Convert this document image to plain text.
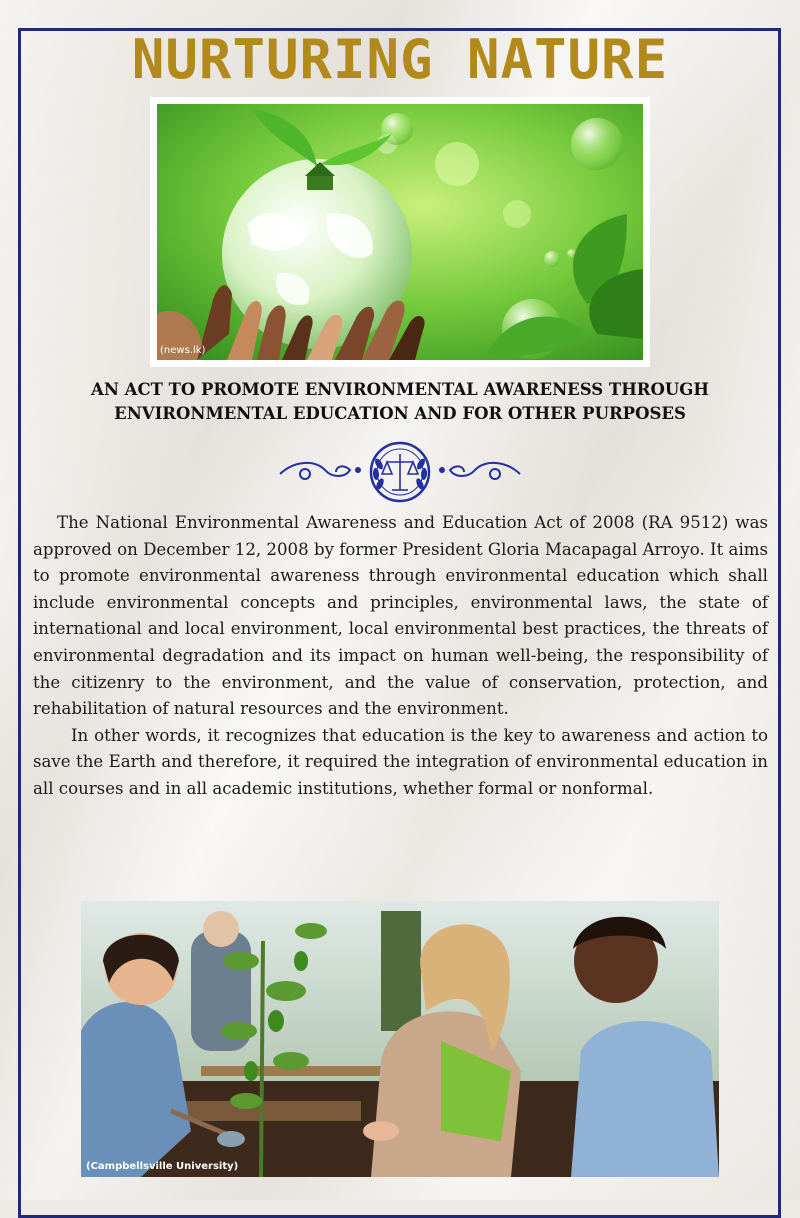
NURTURING NATURE
(news.lk)
AN ACT TO PROMOTE ENVIRONMENTAL AWARENESS THROUGH ENVIRONMENTAL EDUCATION AND FOR OTHER PURPOSES

The National Environmental Awareness and Education Act of 2008 (RA 9512) was approved on December 12, 2008 by former President Gloria Macapagal Arroyo. It aims to promote environmental awareness through environmental education which shall include environmental concepts and principles, environmental laws, the state of international and local environment, local environmental best practices, the threats of environmental degradation and its impact on human well-being, the responsibility of the citizenry to the environment, and the value of conservation, protection, and rehabilitation of natural resources and the environment.

In other words, it recognizes that education is the key to awareness and action to save the Earth and therefore, it required the integration of environmental education in all courses and in all academic institutions, whether formal or nonformal.

(Campbellsville University)
